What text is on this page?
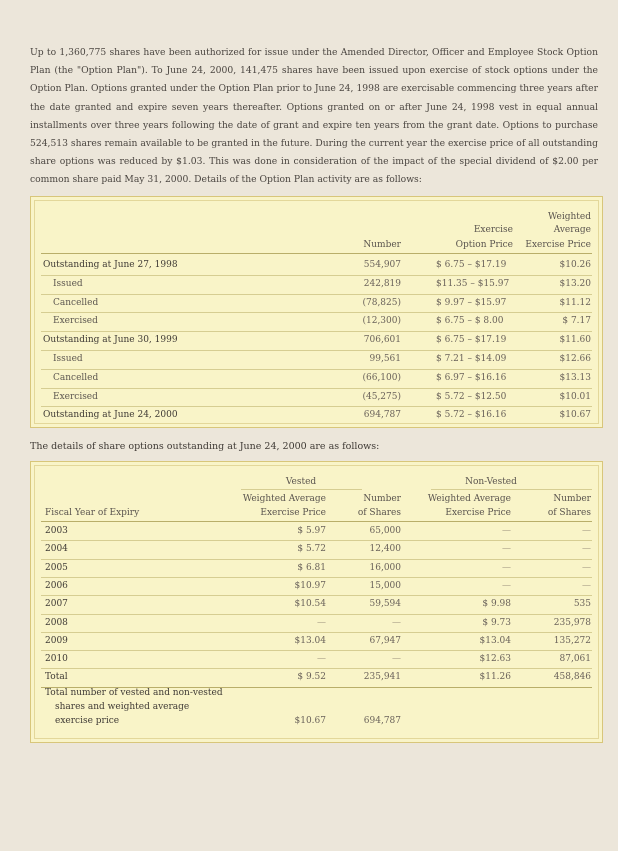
Up to 1,360,775 shares have been authorized for issue under the Amended Director, Officer and Employee Stock Option Plan (the "Option Plan"). To June 24, 2000, 141,475 shares have been issued upon exercise of stock options under the Option Plan. Options granted under the Option Plan prior to June 24, 1998 are exercisable commencing three years after the date granted and expire seven years thereafter. Options granted on or after June 24, 1998 vest in equal annual installments over three years following the date of grant and expire ten years from the grant date. Options to purchase 524,513 shares remain available to be granted in the future. During the current year the exercise price of all outstanding share options was reduced by $1.03. This was done in consideration of the impact of the special dividend of $2.00 per common share paid May 31, 2000. Details of the Option Plan activity are as follows:

Weighted
Exercise	Average
Number	Option Price	Exercise Price
Outstanding at June 27, 1998	554,907	$ 6.75 – $17.19	$10.26
Issued	242,819	$11.35 – $15.97	$13.20
Cancelled	(78,825)	$ 9.97 – $15.97	$11.12
Exercised	(12,300)	$ 6.75 – $ 8.00	$ 7.17
Outstanding at June 30, 1999	706,601	$ 6.75 – $17.19	$11.60
Issued	99,561	$ 7.21 – $14.09	$12.66
Cancelled	(66,100)	$ 6.97 – $16.16	$13.13
Exercised	(45,275)	$ 5.72 – $12.50	$10.01
Outstanding at June 24, 2000	694,787	$ 5.72 – $16.16	$10.67
The details of share options outstanding at June 24, 2000 are as follows:
Vested	Non-Vested
Weighted Average	Number	Weighted Average	Number
Fiscal Year of Expiry	Exercise Price	of Shares	Exercise Price	of Shares
2003	$ 5.97	65,000	—	—
2004	$ 5.72	12,400	—	—
2005	$ 6.81	16,000	—	—
2006	$10.97	15,000	—	—
2007	$10.54	59,594	$ 9.98	535
2008	—	—	$ 9.73	235,978
2009	$13.04	67,947	$13.04	135,272
2010	—	—	$12.63	87,061
Total	$ 9.52	235,941	$11.26	458,846
Total number of vested and non-vested
shares and weighted average
exercise price	$10.67	694,787
